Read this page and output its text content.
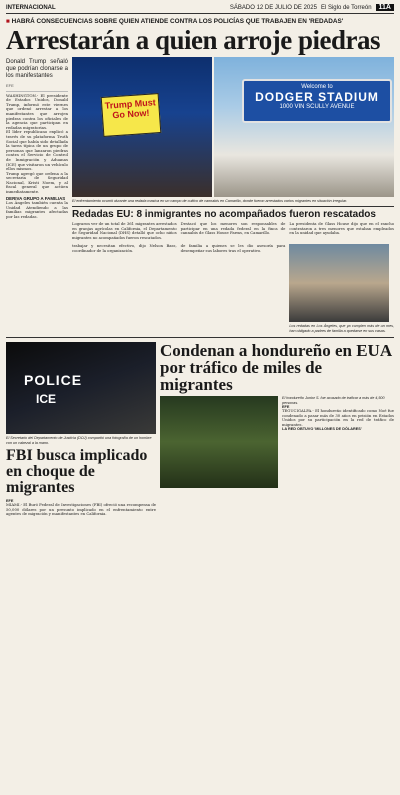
INTERNACIONAL	SÁBADO 12 DE JULIO DE 2025 El Siglo de Torreón	11A
■ HABRÁ CONSECUENCIAS SOBRE QUIEN ATIENDE CONTRA LOS POLICÍAS QUE TRABAJEN EN 'REDADAS'
Arrestarán a quien arroje piedras
Donald Trump señaló que podrían clonarse a los manifestantes
EFE
WASHINGTON.- El presidente de Estados Unidos, Donald Trump, informó este viernes que ordenó arrestar a los manifestantes que arrojen piedras contra los oficiales de la agencia que participan en redadas migratorias.
El líder republicano explicó a través de su plataforma Truth Social que había sido detallada la tarea típica de un grupo de personas que lanzaron piedras contra el Servicio de Control de Inmigración y Aduanas (ICE) que visitaron un vehículo ellos mismos.
Trump agregó que ordena a la secretaria de Seguridad Nacional, Kristi Noem, y al fiscal general que actúen inmediatamente.
DERIVA GRUPO A FAMILIAS
Los Ángeles también cuenta la Unidad Atendiendo a las familias migrantes afectadas por las redadas.
Trump Must Go Now!
Welcome to
DODGER STADIUM
1000 VIN SCULLY AVENUE
El enfrentamiento ocurrió durante una redada masiva en un campo de cultivo de cannabis en Camarillo, donde fueron arrestados varios migrantes en situación irregular.
Redadas EU: 8 inmigrantes no acompañados fueron rescatados
Lograron ver de un total de 361 migrantes arrestados en granjas agrícolas en California, el Departamento de Seguridad Nacional (DHS) detalló que ocho niños migrantes no acompañados fueron rescatados.
Destacó que los menores son responsables de participar en una redada federal en la finca de cannabis de Glass House Farms, en Camarillo.
La presidenta de Glass House dijo que en el rancho contrataron a tres menores que estaban empleados en la unidad que ayudaba.
trabajar y necesitan efectivo, dijo Nelson Bass, coordinador de la organización.
de familia a quienes se les dio asesoría para desempeñar sus labores tras el operativo.
Los redadas en Los Ángeles, que ya cumplen más de un mes, han obligado a padres de familia a quedarse en sus casas.
POLICE
ICE
El Secretario del Departamento de Justicia (DOJ) compartió una fotografía de un hombre con un cabezal a la mano.
FBI busca implicado en choque de migrantes
EFE
MIAMI.- El Buró Federal de Investigaciones (FBI) ofreció una recompensa de 50,000 dólares por un presunto implicado en el enfrentamiento entre agentes de migración y manifestantes en California.
Condenan a hondureño en EUA por tráfico de miles de migrantes
El hondureño Junior S. fue acusado de traficar a más de 4,500 personas.
EFE
TEGUCIGALPA.- El hondureño identificado como Noé fue condenado a pasar más de 30 años en prisión en Estados Unidos por su participación en la red de tráfico de migrantes.
LA RED OBTUVO 'MILLONES DE DÓLARES'
